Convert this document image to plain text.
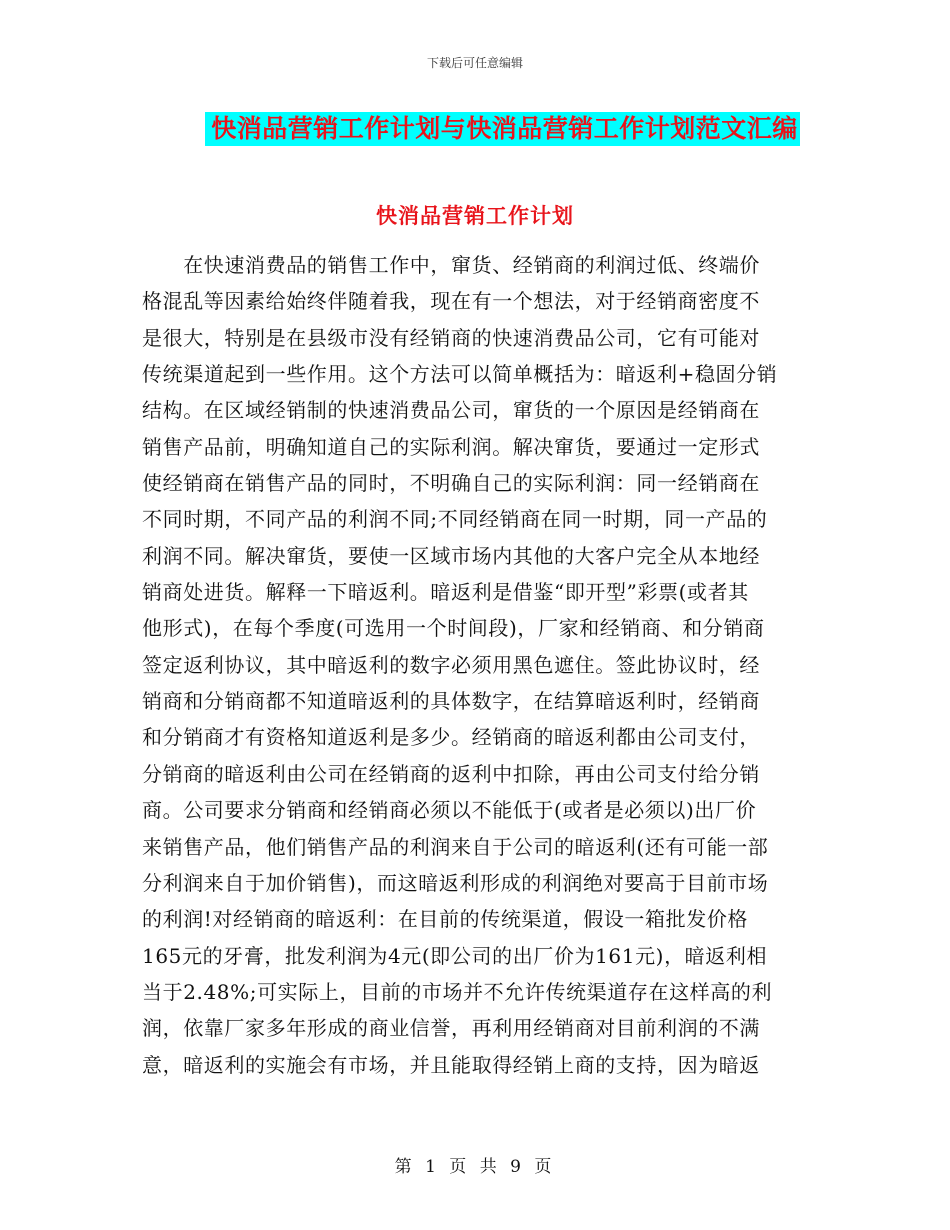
下载后可任意编辑
快消品营销工作计划与快消品营销工作计划范文汇编
快消品营销工作计划
　　在快速消费品的销售工作中，窜货、经销商的利润过低、终端价
格混乱等因素给始终伴随着我，现在有一个想法，对于经销商密度不
是很大，特别是在县级市没有经销商的快速消费品公司，它有可能对
传统渠道起到一些作用。这个方法可以简单概括为：暗返利+稳固分销
结构。在区域经销制的快速消费品公司，窜货的一个原因是经销商在
销售产品前，明确知道自己的实际利润。解决窜货，要通过一定形式
使经销商在销售产品的同时，不明确自己的实际利润：同一经销商在
不同时期，不同产品的利润不同;不同经销商在同一时期，同一产品的
利润不同。解决窜货，要使一区域市场内其他的大客户完全从本地经
销商处进货。解释一下暗返利。暗返利是借鉴“即开型”彩票(或者其
他形式)，在每个季度(可选用一个时间段)，厂家和经销商、和分销商
签定返利协议，其中暗返利的数字必须用黑色遮住。签此协议时，经
销商和分销商都不知道暗返利的具体数字，在结算暗返利时，经销商
和分销商才有资格知道返利是多少。经销商的暗返利都由公司支付，
分销商的暗返利由公司在经销商的返利中扣除，再由公司支付给分销
商。公司要求分销商和经销商必须以不能低于(或者是必须以)出厂价
来销售产品，他们销售产品的利润来自于公司的暗返利(还有可能一部
分利润来自于加价销售)，而这暗返利形成的利润绝对要高于目前市场
的利润!对经销商的暗返利：在目前的传统渠道，假设一箱批发价格
165元的牙膏，批发利润为4元(即公司的出厂价为161元)，暗返利相
当于2.48%;可实际上，目前的市场并不允许传统渠道存在这样高的利
润，依靠厂家多年形成的商业信誉，再利用经销商对目前利润的不满
意，暗返利的实施会有市场，并且能取得经销上商的支持，因为暗返
第 1 页 共 9 页
